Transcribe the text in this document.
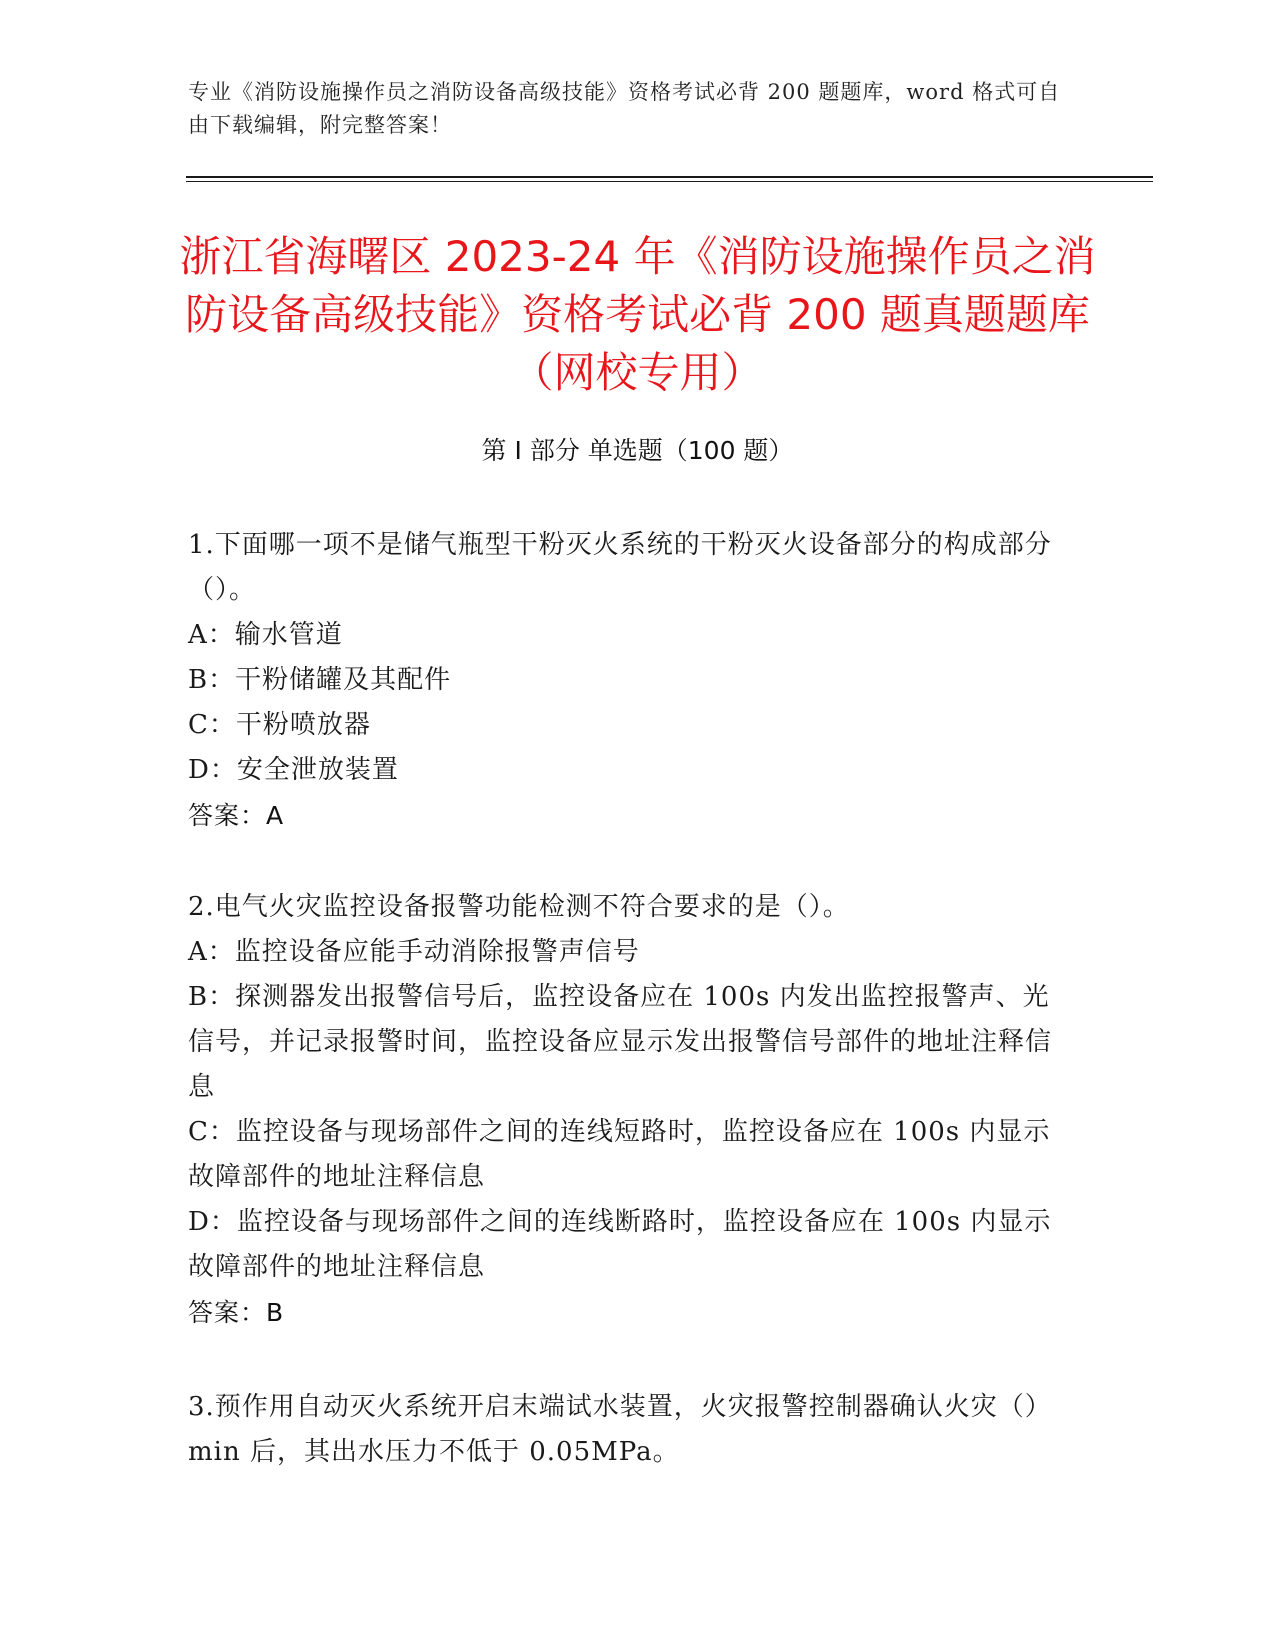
专业《消防设施操作员之消防设备高级技能》资格考试必背 200 题题库，word 格式可自由下载编辑，附完整答案！
浙江省海曙区 2023-24 年《消防设施操作员之消防设备高级技能》资格考试必背 200 题真题题库（网校专用）
第 I 部分 单选题（100 题）

1.下面哪一项不是储气瓶型干粉灭火系统的干粉灭火设备部分的构成部分（）。

A：输水管道

B：干粉储罐及其配件

C：干粉喷放器

D：安全泄放装置

答案：A

2.电气火灾监控设备报警功能检测不符合要求的是（）。

A：监控设备应能手动消除报警声信号

B：探测器发出报警信号后，监控设备应在 100s 内发出监控报警声、光信号，并记录报警时间，监控设备应显示发出报警信号部件的地址注释信息

C：监控设备与现场部件之间的连线短路时，监控设备应在 100s 内显示故障部件的地址注释信息

D：监控设备与现场部件之间的连线断路时，监控设备应在 100s 内显示故障部件的地址注释信息

答案：B

3.预作用自动灭火系统开启末端试水装置，火灾报警控制器确认火灾（）min 后，其出水压力不低于 0.05MPa。
